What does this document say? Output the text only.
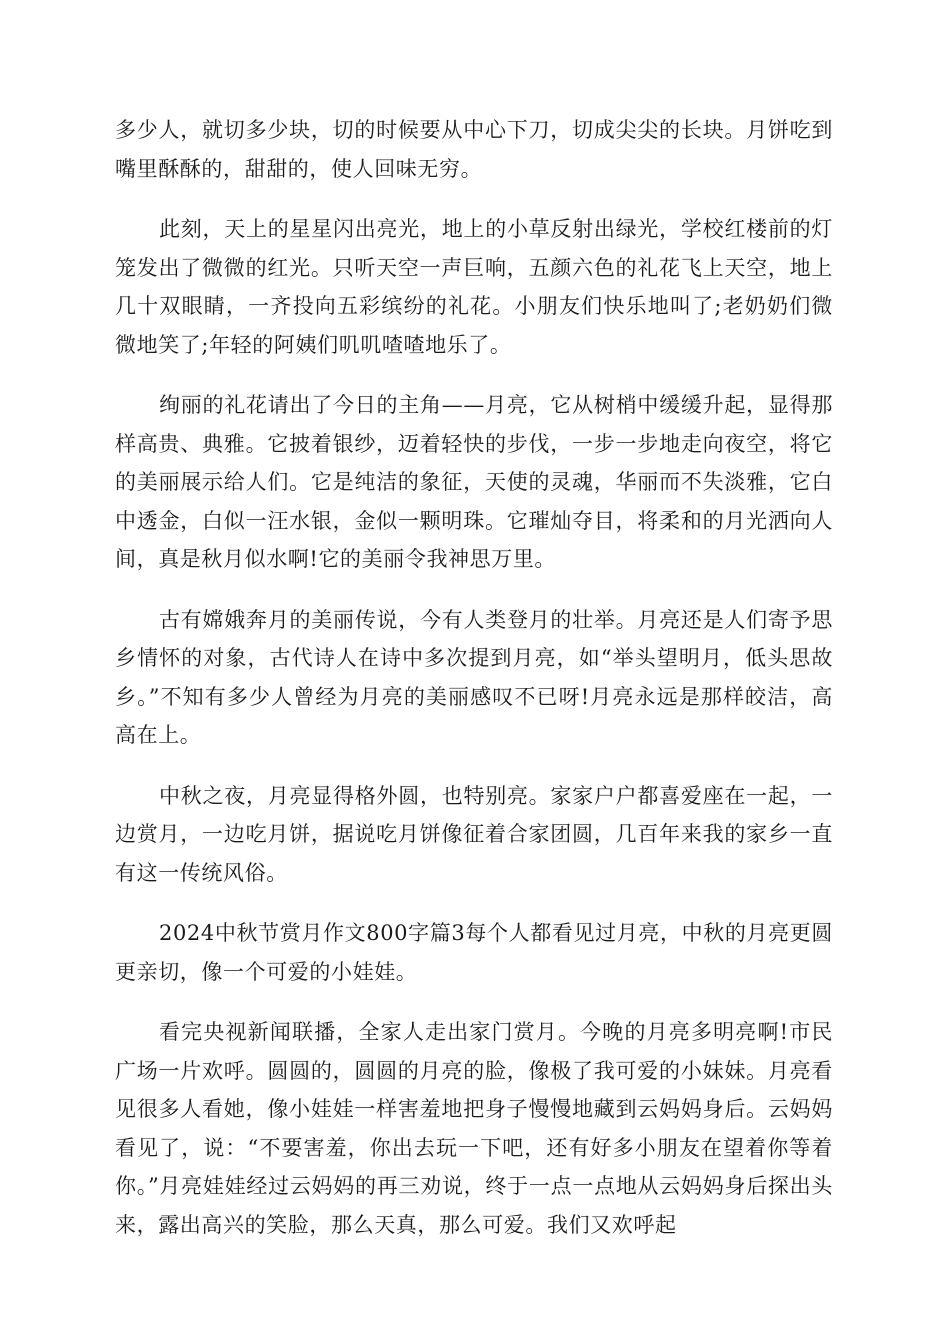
多少人，就切多少块，切的时候要从中心下刀，切成尖尖的长块。月饼吃到嘴里酥酥的，甜甜的，使人回味无穷。

此刻，天上的星星闪出亮光，地上的小草反射出绿光，学校红楼前的灯笼发出了微微的红光。只听天空一声巨响，五颜六色的礼花飞上天空，地上几十双眼睛，一齐投向五彩缤纷的礼花。小朋友们快乐地叫了;老奶奶们微微地笑了;年轻的阿姨们叽叽喳喳地乐了。

绚丽的礼花请出了今日的主角——月亮，它从树梢中缓缓升起，显得那样高贵、典雅。它披着银纱，迈着轻快的步伐，一步一步地走向夜空，将它的美丽展示给人们。它是纯洁的象征，天使的灵魂，华丽而不失淡雅，它白中透金，白似一汪水银，金似一颗明珠。它璀灿夺目，将柔和的月光洒向人间，真是秋月似水啊!它的美丽令我神思万里。

古有嫦娥奔月的美丽传说，今有人类登月的壮举。月亮还是人们寄予思乡情怀的对象，古代诗人在诗中多次提到月亮，如“举头望明月，低头思故乡。”不知有多少人曾经为月亮的美丽感叹不已呀!月亮永远是那样皎洁，高高在上。

中秋之夜，月亮显得格外圆，也特别亮。家家户户都喜爱座在一起，一边赏月，一边吃月饼，据说吃月饼像征着合家团圆，几百年来我的家乡一直有这一传统风俗。

2024中秋节赏月作文800字篇3每个人都看见过月亮，中秋的月亮更圆更亲切，像一个可爱的小娃娃。

看完央视新闻联播，全家人走出家门赏月。今晚的月亮多明亮啊!市民广场一片欢呼。圆圆的，圆圆的月亮的脸，像极了我可爱的小妹妹。月亮看见很多人看她，像小娃娃一样害羞地把身子慢慢地藏到云妈妈身后。云妈妈看见了，说：“不要害羞，你出去玩一下吧，还有好多小朋友在望着你等着你。”月亮娃娃经过云妈妈的再三劝说，终于一点一点地从云妈妈身后探出头来，露出高兴的笑脸，那么天真，那么可爱。我们又欢呼起
